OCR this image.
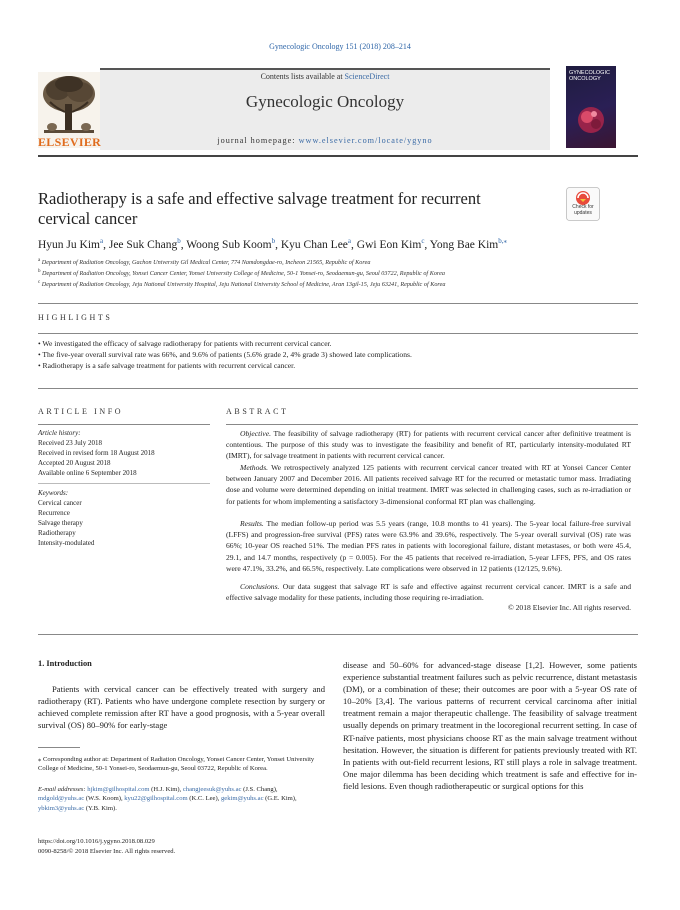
Gynecologic Oncology 151 (2018) 208–214
Contents lists available at ScienceDirect
Gynecologic Oncology
journal homepage: www.elsevier.com/locate/ygyno
ELSEVIER
GYNECOLOGIC ONCOLOGY
Radiotherapy is a safe and effective salvage treatment for recurrent
cervical cancer
Check for
updates
Hyun Ju Kim$^a$, Jee Suk Chang$^b$, Woong Sub Koom$^b$, Kyu Chan Lee$^a$, Gwi Eon Kim$^c$, Yong Bae Kim$^{b,⁎}$
$^a$ Department of Radiation Oncology, Gachon University Gil Medical Center, 774 Namdongdae-ro, Incheon 21565, Republic of Korea
$^b$ Department of Radiation Oncology, Yonsei Cancer Center, Yonsei University College of Medicine, 50-1 Yonsei-ro, Seodaemun-gu, Seoul 03722, Republic of Korea
$^c$ Department of Radiation Oncology, Jeju National University Hospital, Jeju National University School of Medicine, Aran 13gil-15, Jeju 63241, Republic of Korea
HIGHLIGHTS
• We investigated the efficacy of salvage radiotherapy for patients with recurrent cervical cancer.
• The five-year overall survival rate was 66%, and 9.6% of patients (5.6% grade 2, 4% grade 3) showed late complications.
• Radiotherapy is a safe salvage treatment for patients with recurrent cervical cancer.
ARTICLE INFO
Article history:
Received 23 July 2018
Received in revised form 18 August 2018
Accepted 20 August 2018
Available online 6 September 2018
Keywords:
Cervical cancer
Recurrence
Salvage therapy
Radiotherapy
Intensity-modulated
ABSTRACT

Objective. The feasibility of salvage radiotherapy (RT) for patients with recurrent cervical cancer after definitive treatment is contentious. The purpose of this study was to investigate the feasibility and benefit of RT, particularly intensity-modulated RT (IMRT), for salvage treatment in patients with recurrent cervical cancer.

Methods. We retrospectively analyzed 125 patients with recurrent cervical cancer treated with RT at Yonsei Cancer Center between January 2007 and December 2016. All patients received salvage RT for the recurred or metastatic tumor mass. Irradiating dose and volume were determined depending on initial treatment. IMRT was selected in challenging cases, such as re-irradiation or for patients for whom implementing a satisfactory 3-dimensional conformal RT plan was challenging.

Results. The median follow-up period was 5.5 years (range, 10.8 months to 41 years). The 5-year local failure-free survival (LFFS) and progression-free survival (PFS) rates were 63.9% and 39.6%, respectively. The 5-year overall survival (OS) rate was 66%; 10-year OS reached 51%. The median PFS rates in patients with locoregional failure, distant metastases, or both were 45.4, 29.1, and 14.7 months, respectively (p = 0.005). For the 45 patients that received re-irradiation, 5-year LFFS, PFS, and OS rates were 47.1%, 33.2%, and 66.5%, respectively. Late complications were observed in 12 patients (12/125, 9.6%).

Conclusions. Our data suggest that salvage RT is safe and effective against recurrent cervical cancer. IMRT is a safe and effective salvage modality for these patients, including those requiring re-irradiation.

© 2018 Elsevier Inc. All rights reserved.
1. Introduction

Patients with cervical cancer can be effectively treated with surgery and radiotherapy (RT). Patients who have undergone complete resection by surgery or achieved complete remission after RT have a good prognosis, with a 5-year overall survival (OS) 80–90% for early-stage

disease and 50–60% for advanced-stage disease [1,2]. However, some patients experience substantial treatment failures such as pelvic recurrence, distant metastasis (DM), or a combination of these; their outcomes are poor with a 5-year OS rate of 10–20% [3,4]. The various patterns of recurrent cervical carcinoma after initial treatment remain a major therapeutic challenge. The feasibility of salvage treatment usually depends on primary treatment in the locoregional recurrent setting. In case of RT-naïve patients, most physicians choose RT as the main salvage treatment without hesitation. However, the situation is different for patients previously treated with RT. In patients with out-field recurrent lesions, RT still plays a role in salvage treatment. One major dilemma has been deciding which treatment is safe and effective for in-field lesions. Even though radiotherapeutic or surgical options for this

⁎ Corresponding author at: Department of Radiation Oncology, Yonsei Cancer Center, Yonsei University College of Medicine, 50-1 Yonsei-ro, Seodaemun-gu, Seoul 03722, Republic of Korea.
E-mail addresses: hjkim@gilhospital.com (H.J. Kim), changjeesuk@yuhs.ac (J.S. Chang), mdgold@yuhs.ac (W.S. Koom), kyu22@gilhospital.com (K.C. Lee), gekim@yuhs.ac (G.E. Kim), ybkim3@yuhs.ac (Y.B. Kim).
https://doi.org/10.1016/j.ygyno.2018.08.029
0090-8258/© 2018 Elsevier Inc. All rights reserved.
